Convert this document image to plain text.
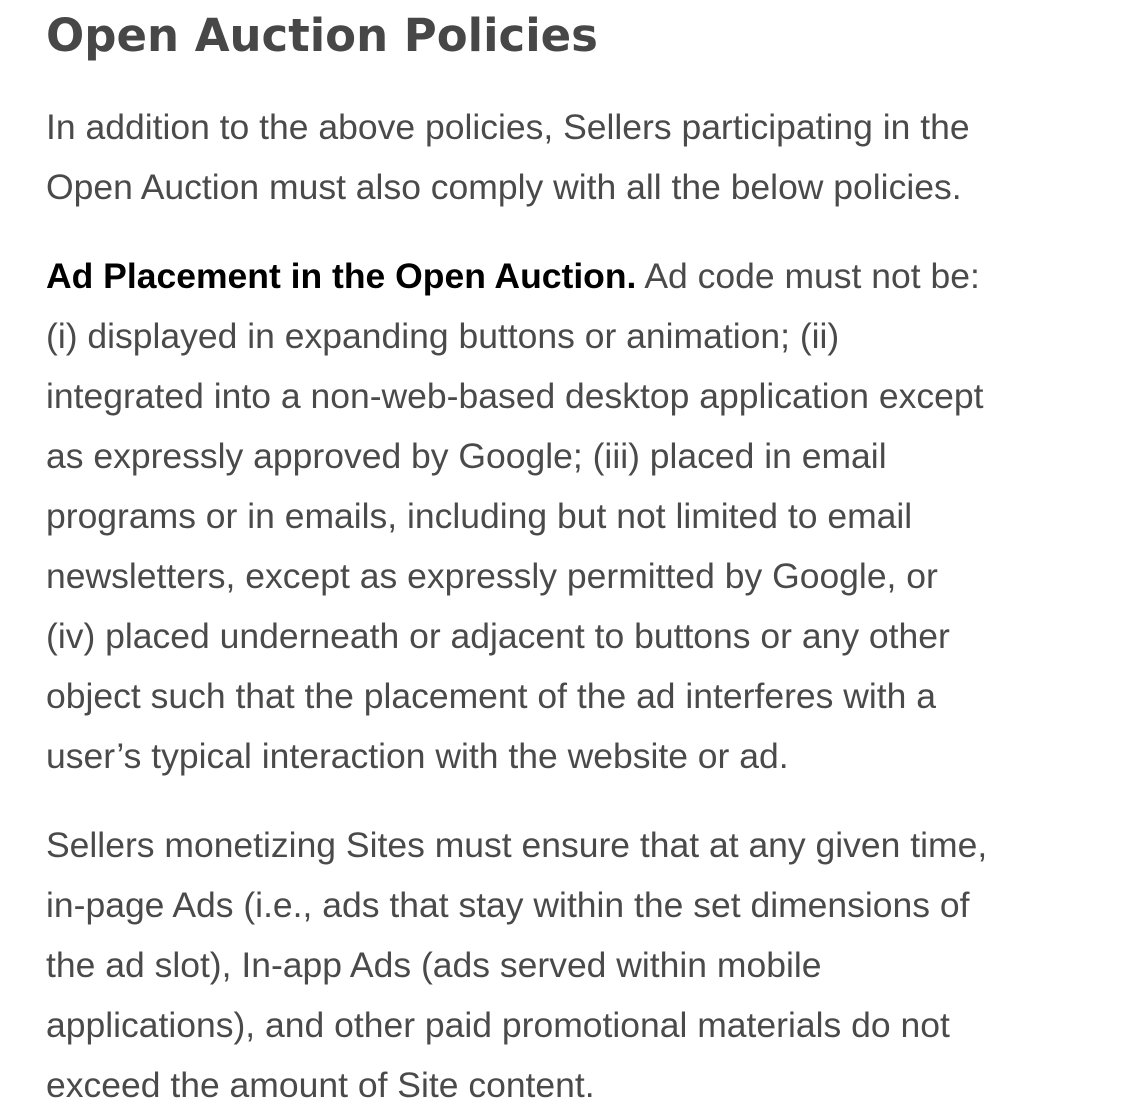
Open Auction Policies

In addition to the above policies, Sellers participating in the
Open Auction must also comply with all the below policies.

Ad Placement in the Open Auction. Ad code must not be:
(i) displayed in expanding buttons or animation; (ii)
integrated into a non-web-based desktop application except
as expressly approved by Google; (iii) placed in email
programs or in emails, including but not limited to email
newsletters, except as expressly permitted by Google, or
(iv) placed underneath or adjacent to buttons or any other
object such that the placement of the ad interferes with a
user’s typical interaction with the website or ad.

Sellers monetizing Sites must ensure that at any given time,
in-page Ads (i.e., ads that stay within the set dimensions of
the ad slot), In-app Ads (ads served within mobile
applications), and other paid promotional materials do not
exceed the amount of Site content.
